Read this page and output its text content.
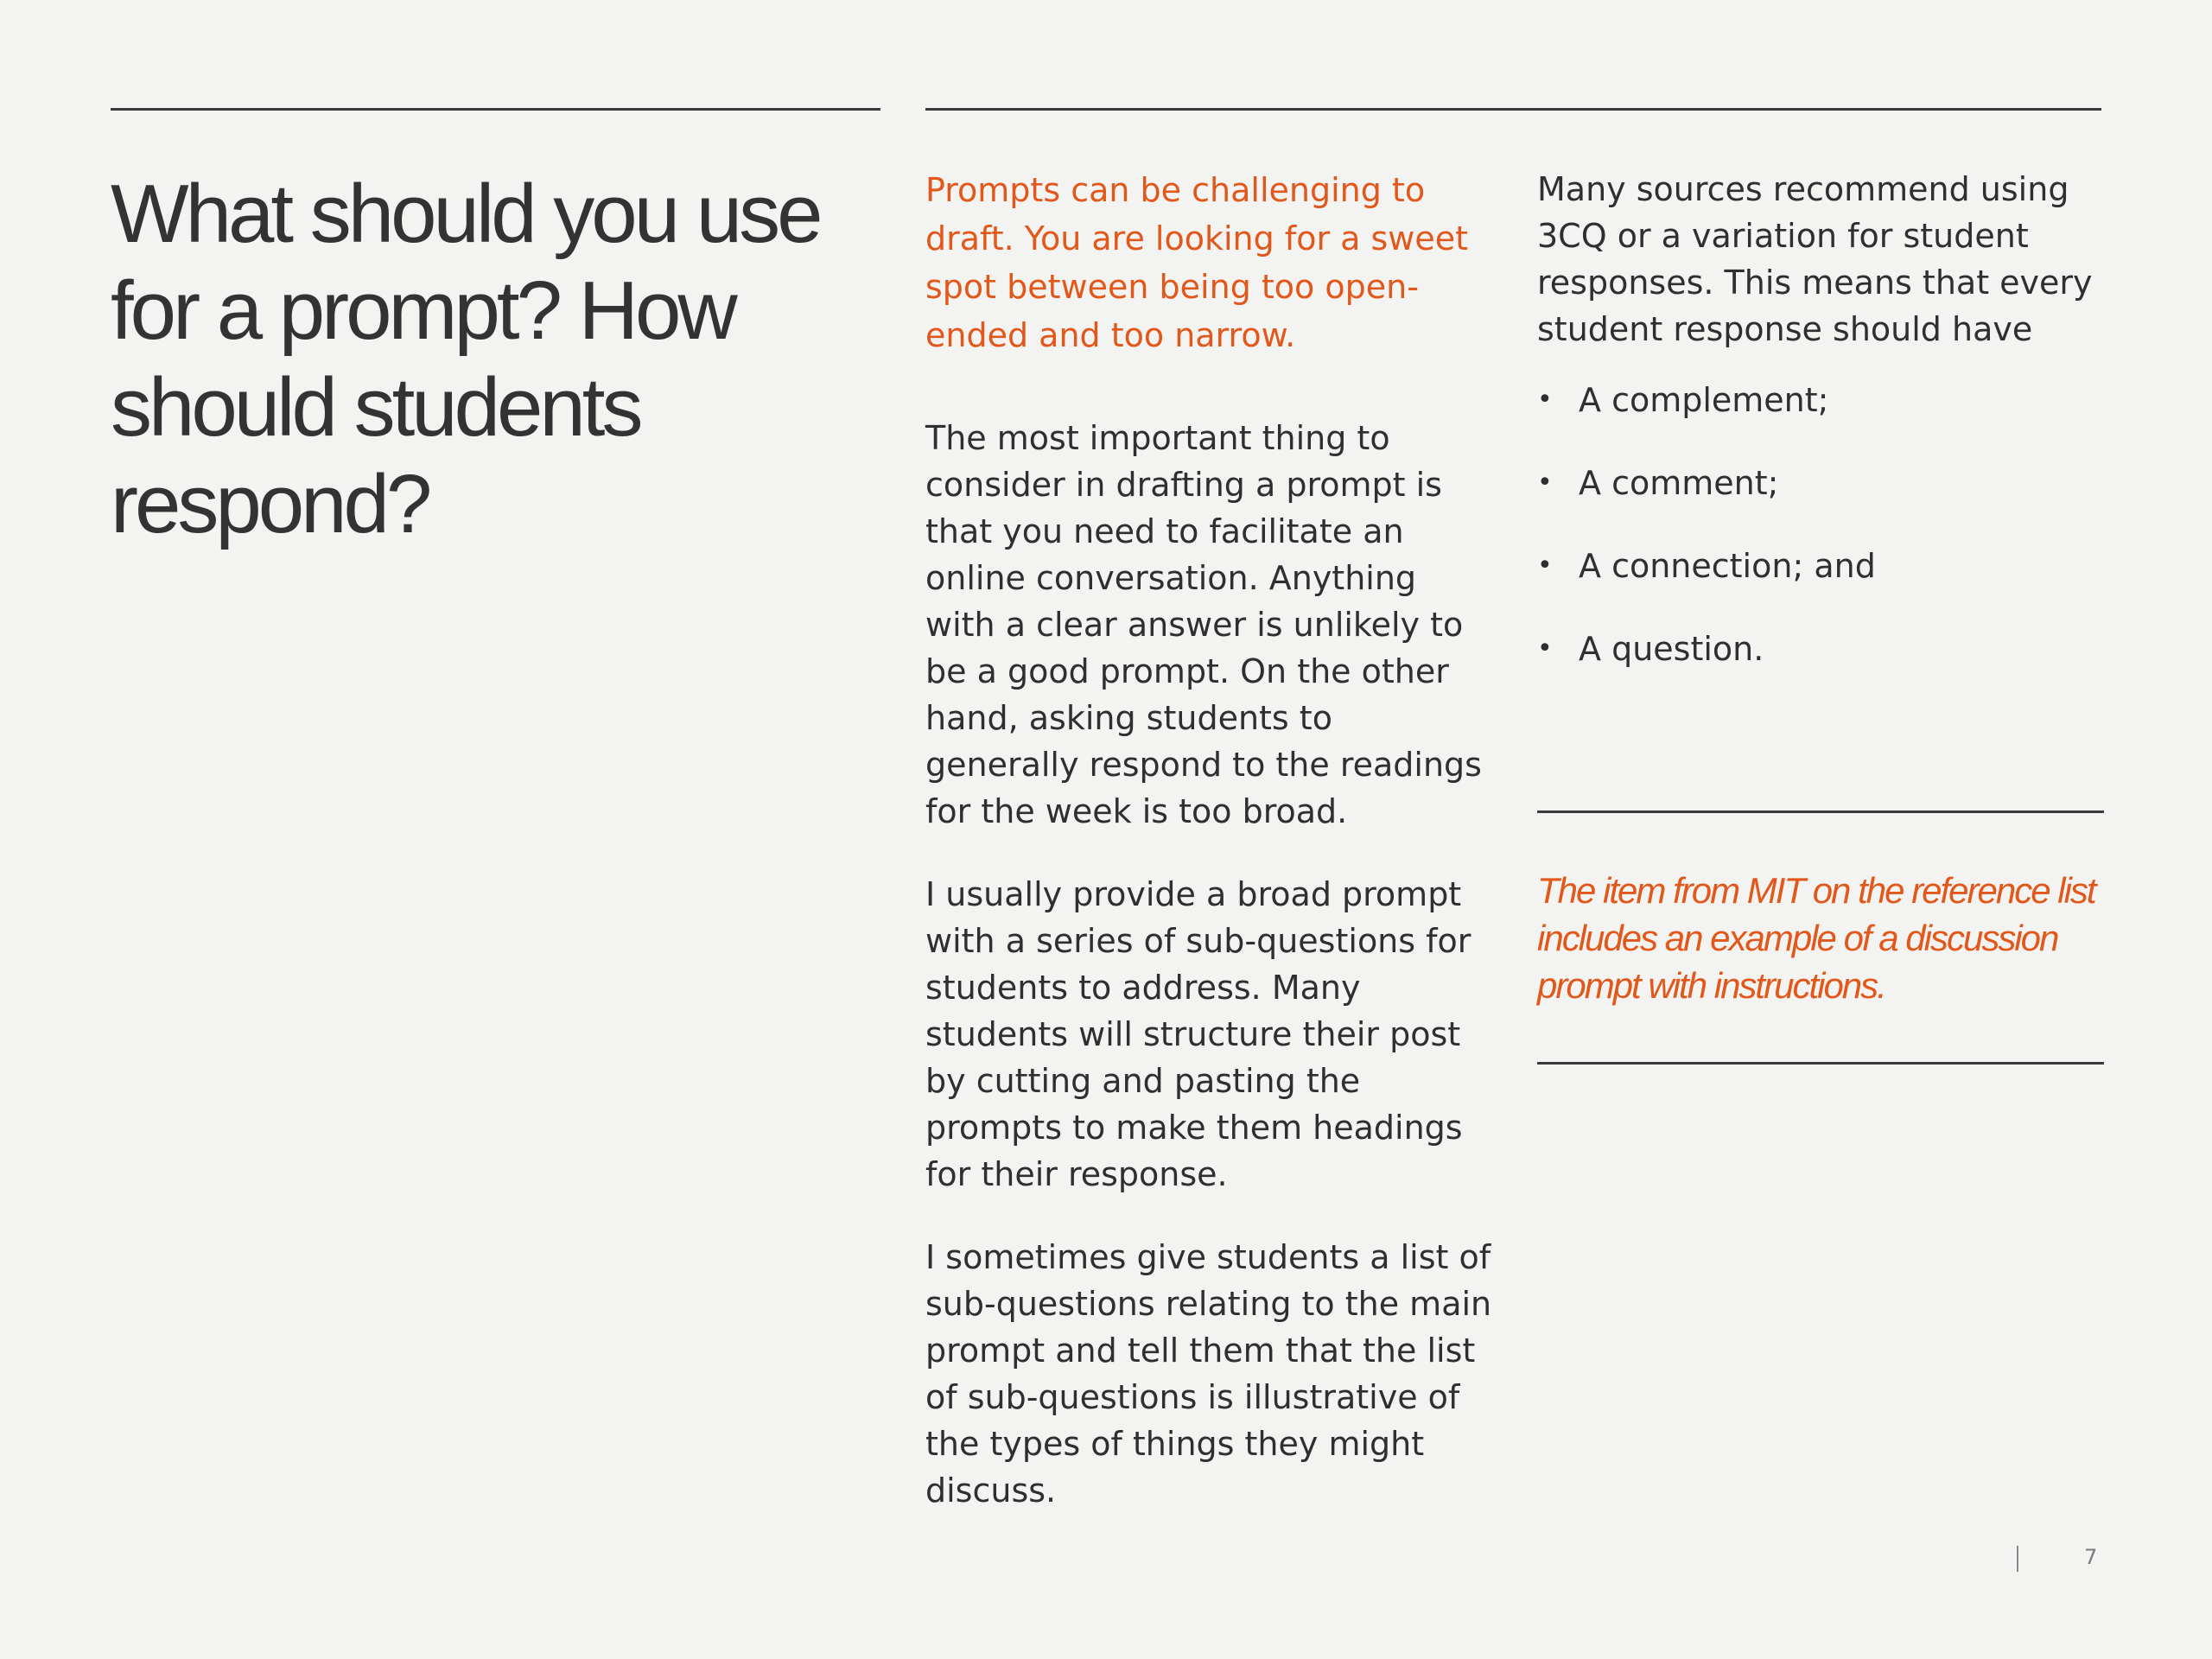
What should you use for a prompt? How should students respond?

Prompts can be challenging to draft. You are looking for a sweet spot between being too open-ended and too narrow.

The most important thing to consider in drafting a prompt is that you need to facilitate an online conversation. Anything with a clear answer is unlikely to be a good prompt. On the other hand, asking students to generally respond to the readings for the week is too broad.

I usually provide a broad prompt with a series of sub-questions for students to address. Many students will structure their post by cutting and pasting the prompts to make them headings for their response.

I sometimes give students a list of sub-questions relating to the main prompt and tell them that the list of sub-questions is illustrative of the types of things they might discuss.

Many sources recommend using 3CQ or a variation for student responses. This means that every student response should have

• A complement;
• A comment;
• A connection; and
• A question.

The item from MIT on the reference list includes an example of a discussion prompt with instructions.

7
